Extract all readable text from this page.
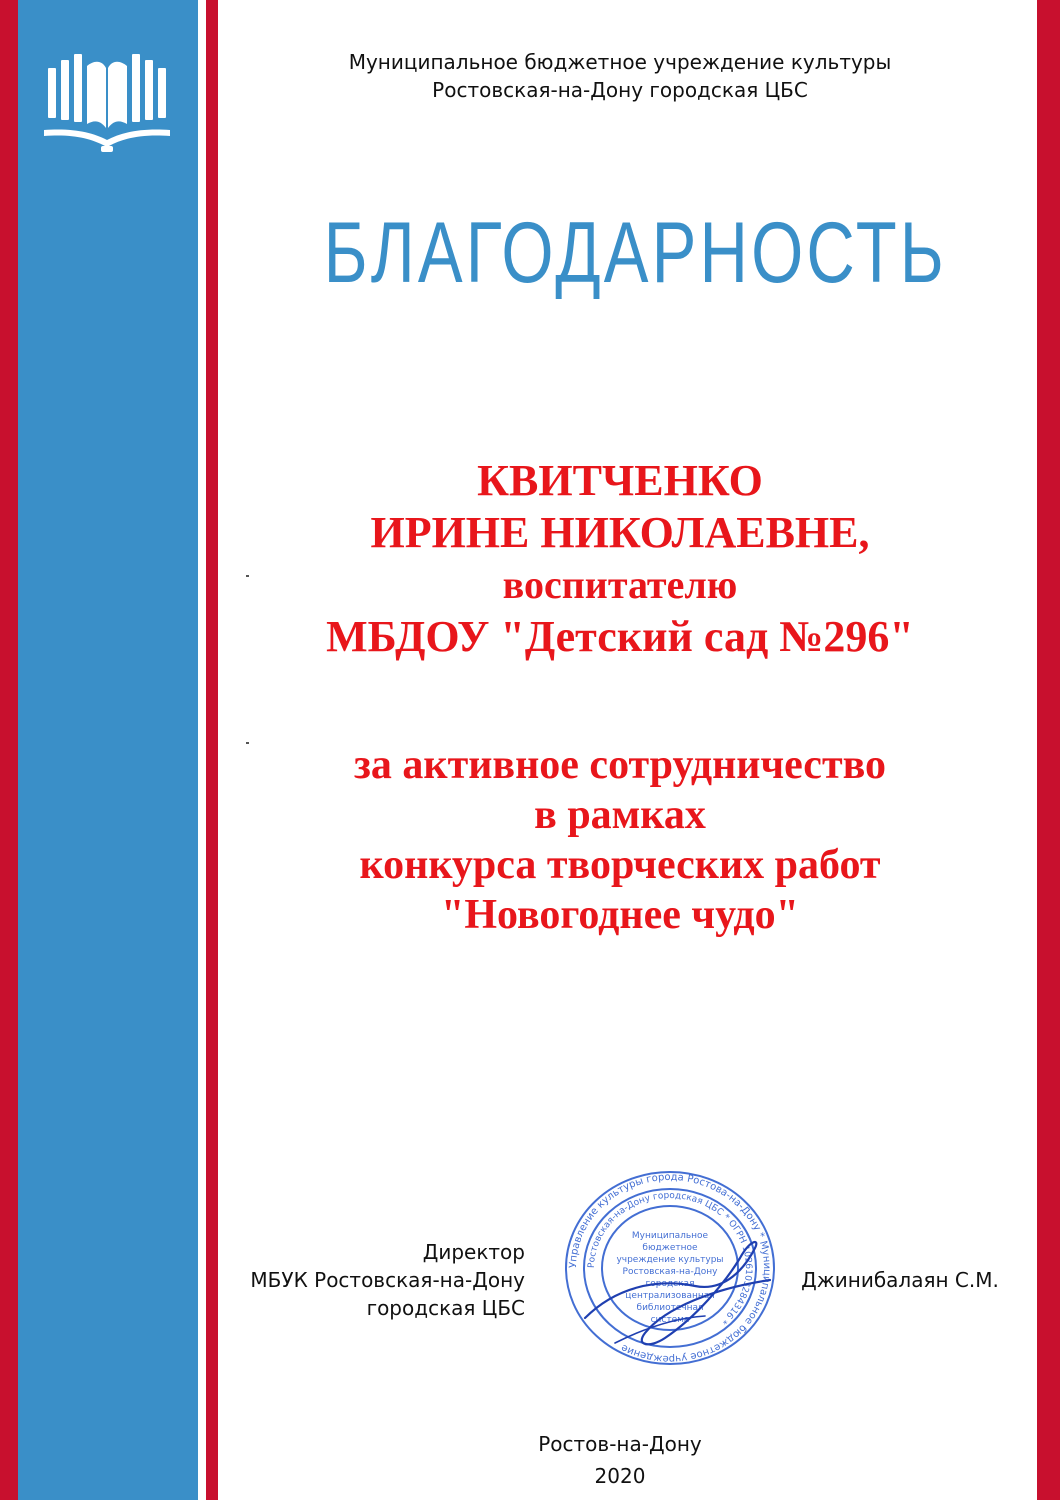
Муниципальное бюджетное учреждение культуры
Ростовская-на-Дону городская ЦБС
БЛАГОДАРНОСТЬ
КВИТЧЕНКО
ИРИНЕ НИКОЛАЕВНЕ,
воспитателю
МБДОУ "Детский сад №296"
за активное сотрудничество
в рамках
конкурса творческих работ
"Новогоднее чудо"
Директор
МБУК Ростовская-на-Дону
городская ЦБС
Управление культуры города Ростова-на-Дону * Муниципальное бюджетное учреждение
Ростовская-на-Дону городская ЦБС * ОГРН 1026103284316 *
Муниципальное
бюджетное
учреждение культуры
Ростовская-на-Дону
городская
централизованная
библиотечная
система
Джинибалаян С.М.
Ростов-на-Дону
2020
